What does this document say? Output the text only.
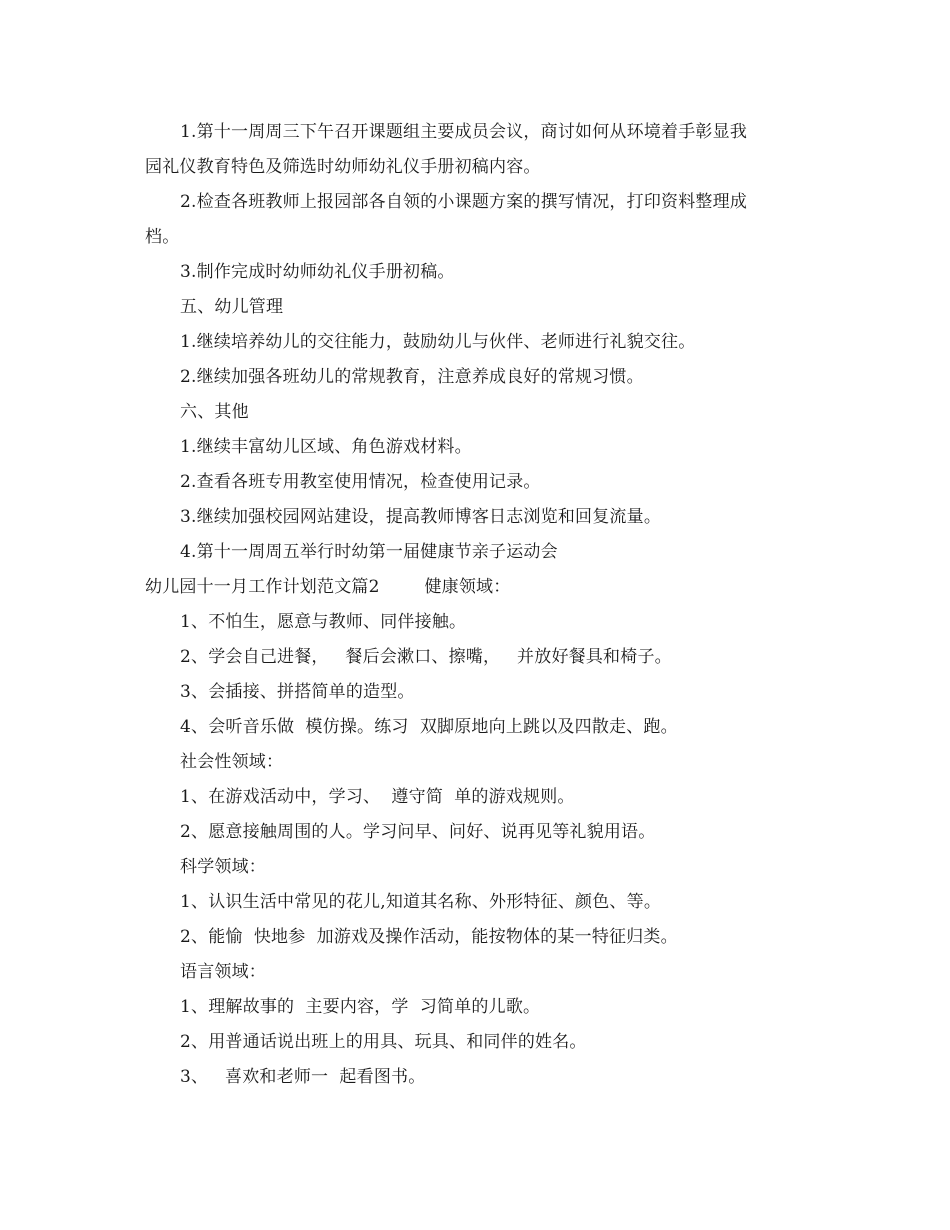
1.第十一周周三下午召开课题组主要成员会议，商讨如何从环境着手彰显我
园礼仪教育特色及筛选时幼师幼礼仪手册初稿内容。
2.检查各班教师上报园部各自领的小课题方案的撰写情况，打印资料整理成
档。
3.制作完成时幼师幼礼仪手册初稿。
五、幼儿管理
1.继续培养幼儿的交往能力，鼓励幼儿与伙伴、老师进行礼貌交往。
2.继续加强各班幼儿的常规教育，注意养成良好的常规习惯。
六、其他
1.继续丰富幼儿区域、角色游戏材料。
2.查看各班专用教室使用情况，检查使用记录。
3.继续加强校园网站建设，提高教师博客日志浏览和回复流量。
4.第十一周周五举行时幼第一届健康节亲子运动会
幼儿园十一月工作计划范文篇2        健康领域：
1、不怕生，愿意与教师、同伴接触。
2、学会自己进餐，   餐后会漱口、擦嘴，   并放好餐具和椅子。
3、会插接、拼搭简单的造型。
4、会听音乐做  模仿操。练习  双脚原地向上跳以及四散走、跑。
社会性领域：
1、在游戏活动中，学习、  遵守简  单的游戏规则。
2、愿意接触周围的人。学习问早、问好、说再见等礼貌用语。
科学领域：
1、认识生活中常见的花儿,知道其名称、外形特征、颜色、等。
2、能愉  快地参  加游戏及操作活动，能按物体的某一特征归类。
语言领域：
1、理解故事的  主要内容，学  习简单的儿歌。
2、用普通话说出班上的用具、玩具、和同伴的姓名。
3、   喜欢和老师一  起看图书。
